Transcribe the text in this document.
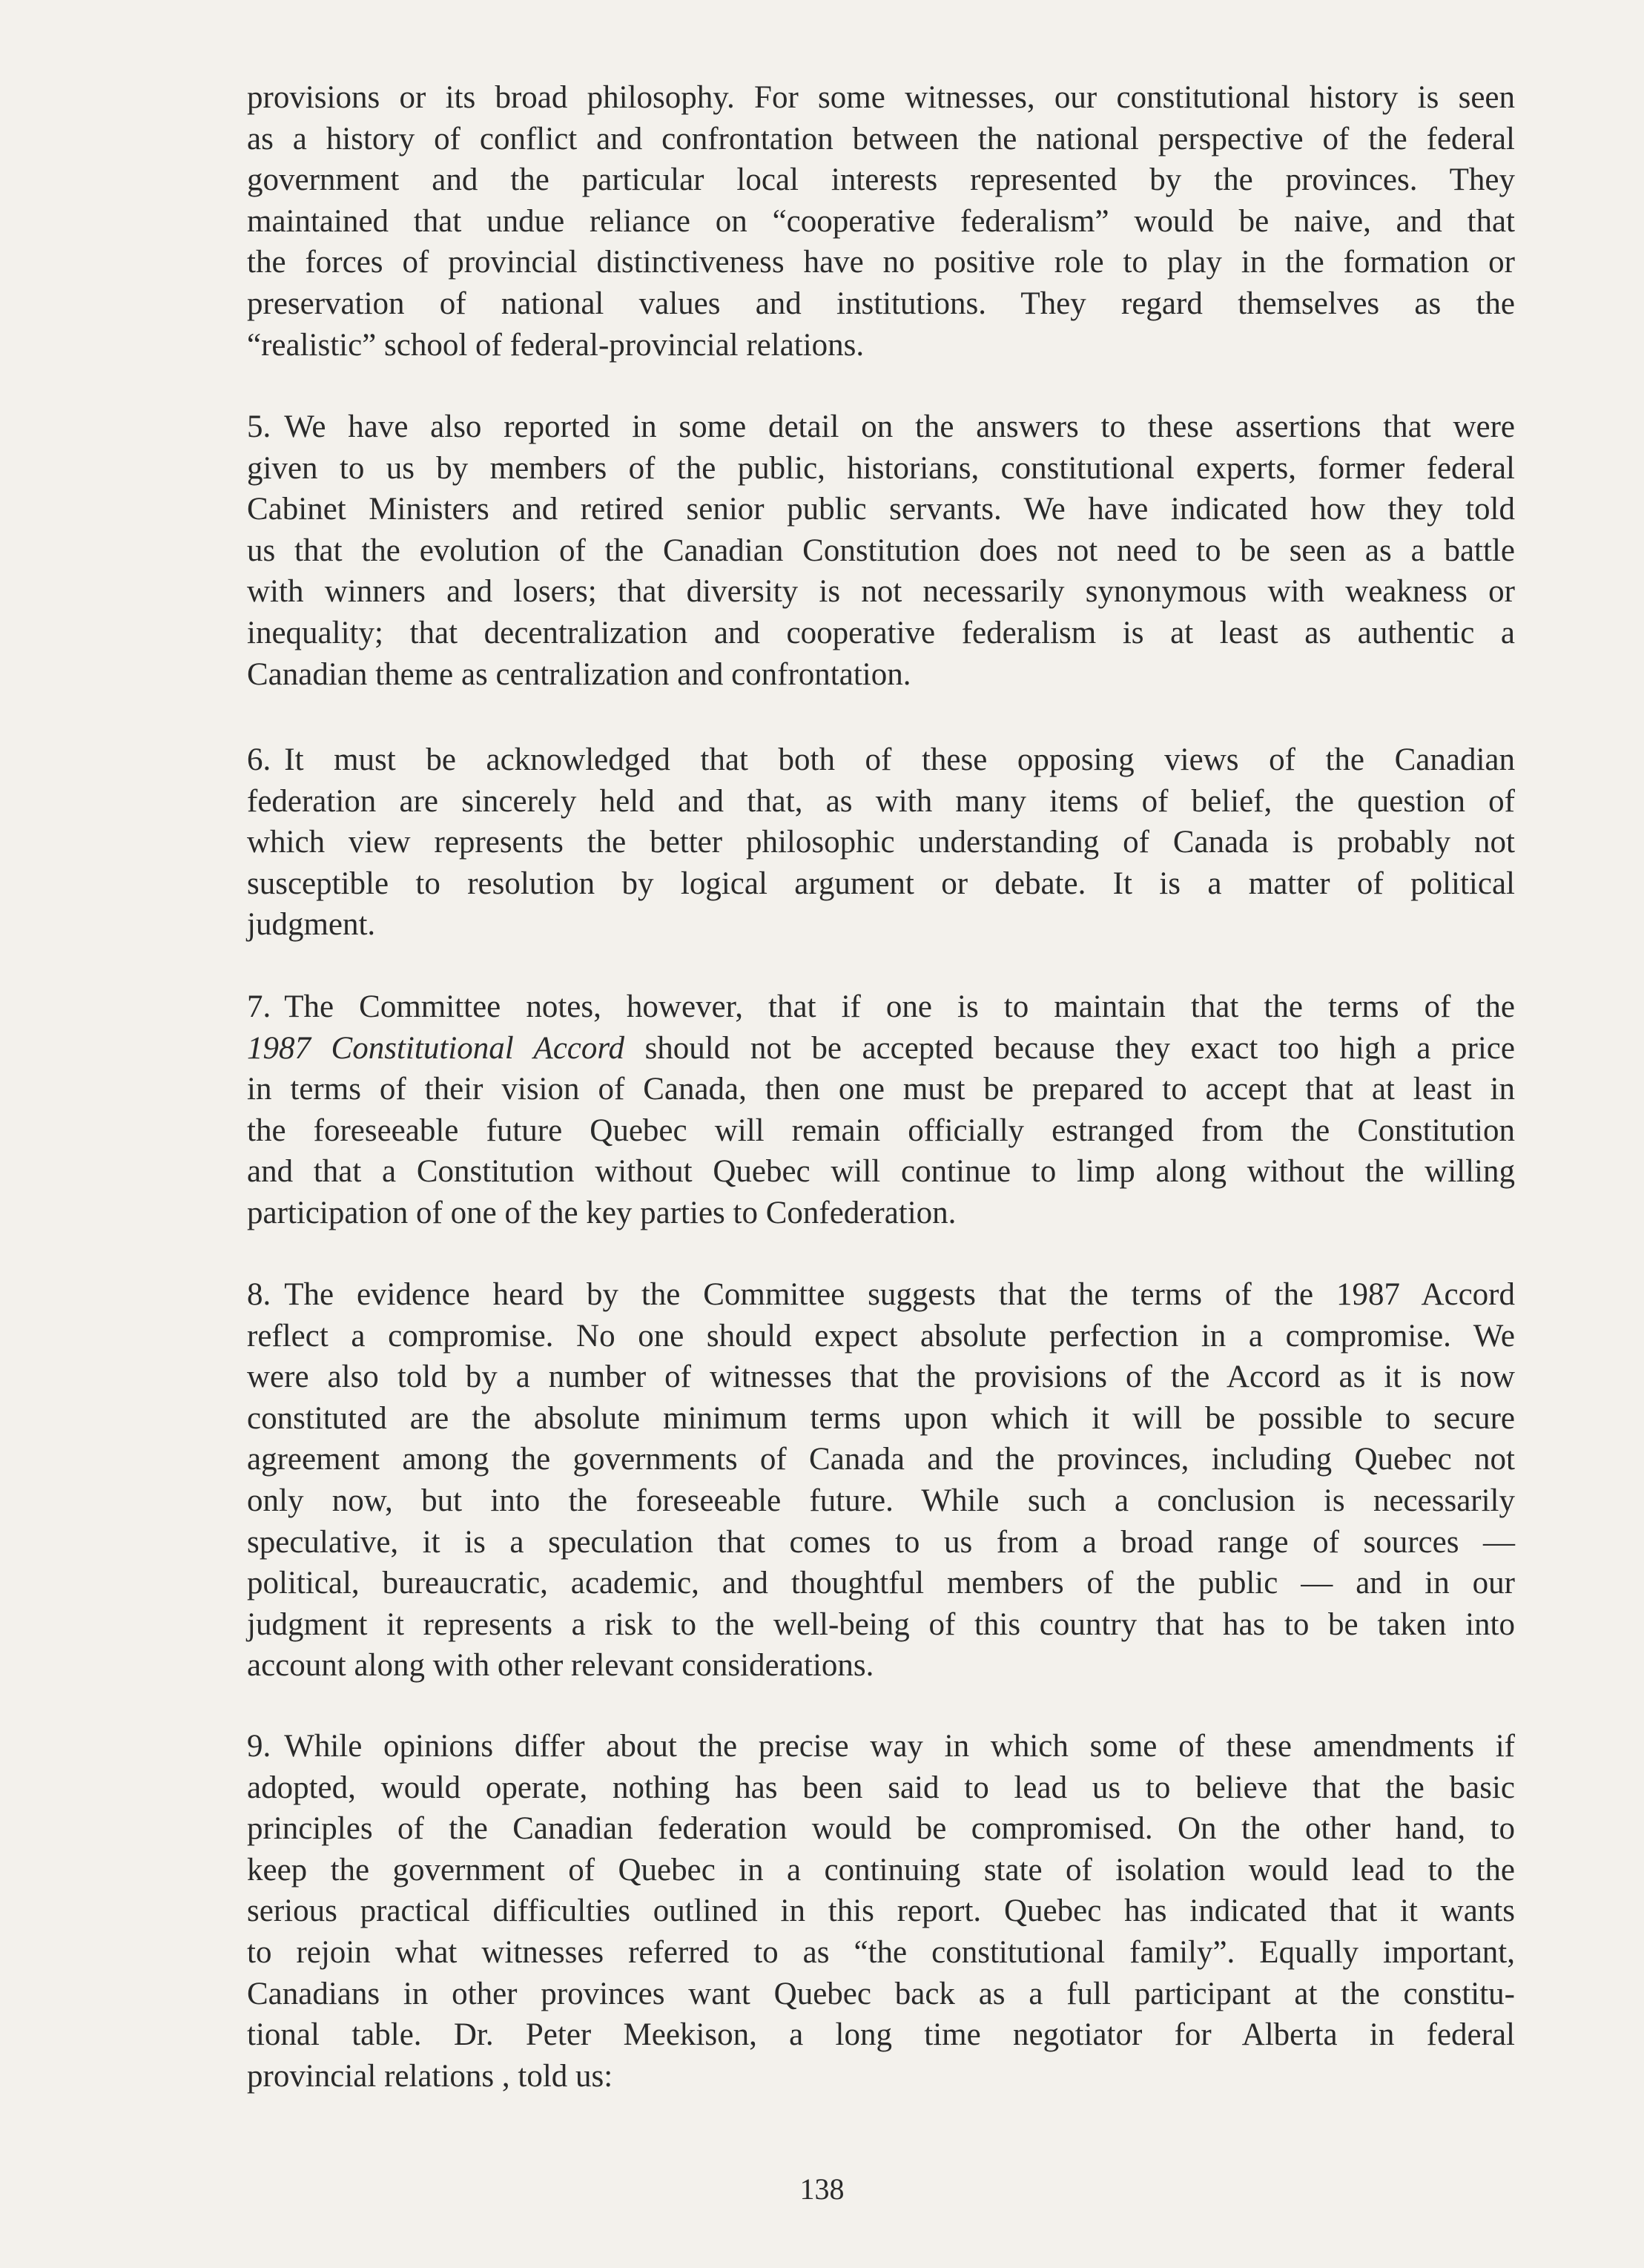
provisions or its broad philosophy. For some witnesses, our constitutional history is seen
as a history of conflict and confrontation between the national perspective of the federal
government and the particular local interests represented by the provinces. They
maintained that undue reliance on “cooperative federalism” would be naive, and that
the forces of provincial distinctiveness have no positive role to play in the formation or
preservation of national values and institutions. They regard themselves as the
“realistic” school of federal-provincial relations.
5. We have also reported in some detail on the answers to these assertions that were
given to us by members of the public, historians, constitutional experts, former federal
Cabinet Ministers and retired senior public servants. We have indicated how they told
us that the evolution of the Canadian Constitution does not need to be seen as a battle
with winners and losers; that diversity is not necessarily synonymous with weakness or
inequality; that decentralization and cooperative federalism is at least as authentic a
Canadian theme as centralization and confrontation.
6. It must be acknowledged that both of these opposing views of the Canadian
federation are sincerely held and that, as with many items of belief, the question of
which view represents the better philosophic understanding of Canada is probably not
susceptible to resolution by logical argument or debate. It is a matter of political
judgment.
7. The Committee notes, however, that if one is to maintain that the terms of the
1987 Constitutional Accord should not be accepted because they exact too high a price
in terms of their vision of Canada, then one must be prepared to accept that at least in
the foreseeable future Quebec will remain officially estranged from the Constitution
and that a Constitution without Quebec will continue to limp along without the willing
participation of one of the key parties to Confederation.
8. The evidence heard by the Committee suggests that the terms of the 1987 Accord
reflect a compromise. No one should expect absolute perfection in a compromise. We
were also told by a number of witnesses that the provisions of the Accord as it is now
constituted are the absolute minimum terms upon which it will be possible to secure
agreement among the governments of Canada and the provinces, including Quebec not
only now, but into the foreseeable future. While such a conclusion is necessarily
speculative, it is a speculation that comes to us from a broad range of sources —
political, bureaucratic, academic, and thoughtful members of the public — and in our
judgment it represents a risk to the well-being of this country that has to be taken into
account along with other relevant considerations.
9. While opinions differ about the precise way in which some of these amendments if
adopted, would operate, nothing has been said to lead us to believe that the basic
principles of the Canadian federation would be compromised. On the other hand, to
keep the government of Quebec in a continuing state of isolation would lead to the
serious practical difficulties outlined in this report. Quebec has indicated that it wants
to rejoin what witnesses referred to as “the constitutional family”. Equally important,
Canadians in other provinces want Quebec back as a full participant at the constitu-
tional table. Dr. Peter Meekison, a long time negotiator for Alberta in federal
provincial relations , told us:
138
